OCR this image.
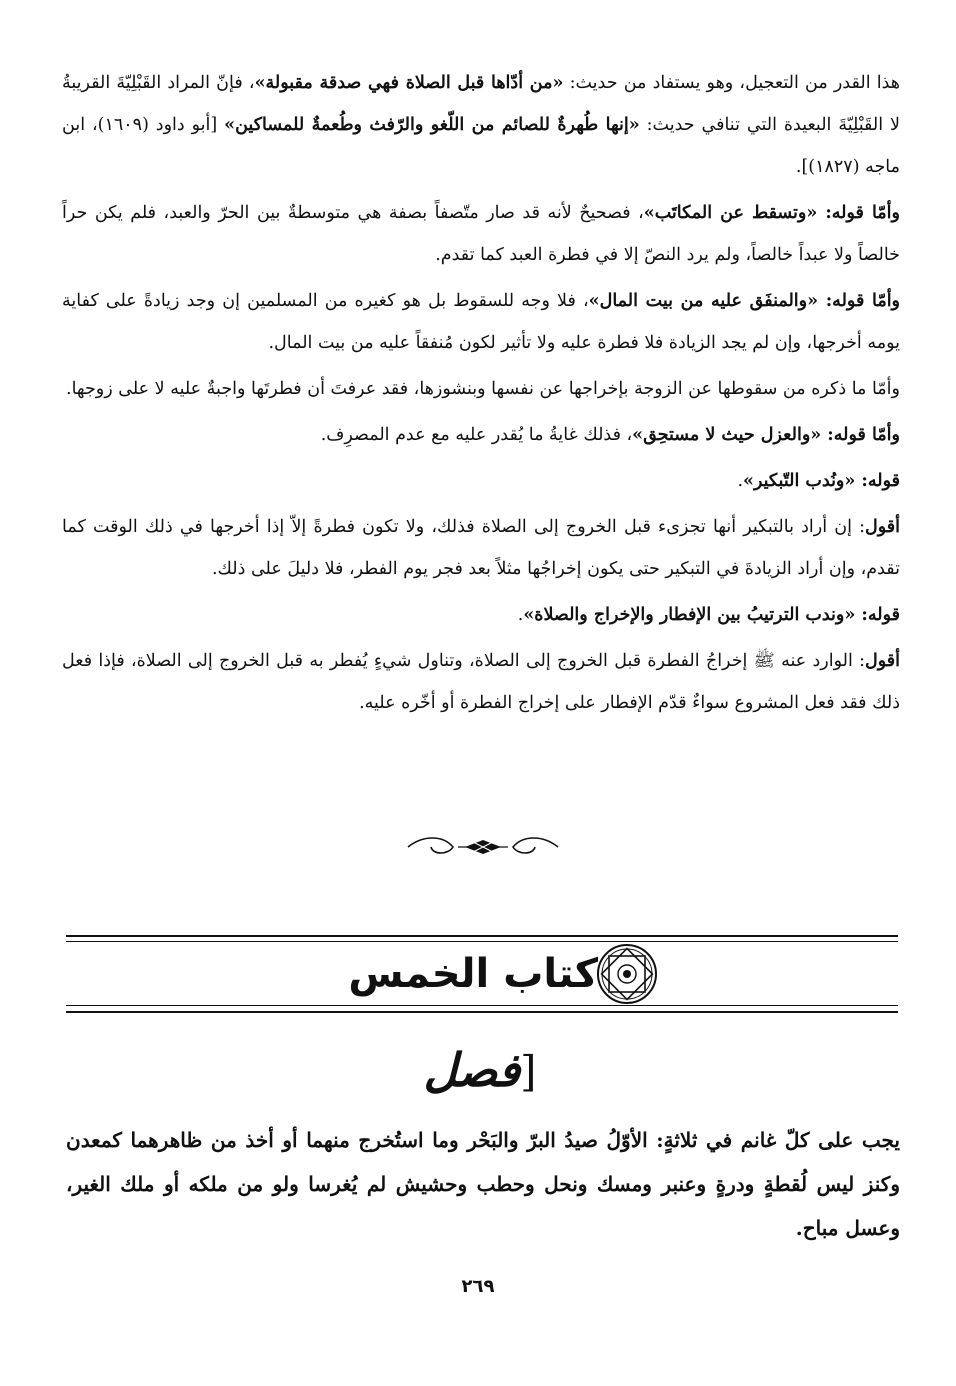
هذا القدر من التعجيل، وهو يستفاد من حديث: «من أدّاها قبل الصلاة فهي صدقة مقبولة»، فإنّ المراد القَبْلِيّةَ القريبةُ لا القَبْلِيّةَ البعيدة التي تنافي حديث: «إنها طُهرةٌ للصائم من اللّغو والرّفث وطُعمةٌ للمساكين» [أبو داود (١٦٠٩)، ابن ماجه (١٨٢٧)].

وأمّا قوله: «وتسقط عن المكاتَب»، فصحيحٌ لأنه قد صار متّصفاً بصفة هي متوسطةٌ بين الحرّ والعبد، فلم يكن حراً خالصاً ولا عبداً خالصاً، ولم يرد النصّ إلا في فطرة العبد كما تقدم.

وأمّا قوله: «والمنفَق عليه من بيت المال»، فلا وجه للسقوط بل هو كغيره من المسلمين إن وجد زيادةً على كفاية يومه أخرجها، وإن لم يجد الزيادة فلا فطرة عليه ولا تأثير لكون مُنفقاً عليه من بيت المال.

وأمّا ما ذكره من سقوطها عن الزوجة بإخراجها عن نفسها وبنشوزها، فقد عرفتَ أن فطرتَها واجبةٌ عليه لا على زوجها.

وأمّا قوله: «والعزل حيث لا مستحِق»، فذلك غايةُ ما يُقدر عليه مع عدم المصرِف.

قوله: «ونُدب التّبكير».

أقول: إن أراد بالتبكير أنها تجزىء قبل الخروج إلى الصلاة فذلك، ولا تكون فطرةً إلاّ إذا أخرجها في ذلك الوقت كما تقدم، وإن أراد الزيادةَ في التبكير حتى يكون إخراجُها مثلاً بعد فجر يوم الفطر، فلا دليلَ على ذلك.

قوله: «وندب الترتيبُ بين الإفطار والإخراج والصلاة».

أقول: الوارد عنه ﷺ إخراجُ الفطرة قبل الخروج إلى الصلاة، وتناول شيءٍ يُفطر به قبل الخروج إلى الصلاة، فإذا فعل ذلك فقد فعل المشروع سواءٌ قدّم الإفطار على إخراج الفطرة أو أخّره عليه.

كتاب الخمس
[فصل
يجب على كلّ غانم في ثلاثةٍ: الأوّلُ صيدُ البرّ والبَحْر وما استُخرج منهما أو أخذ من ظاهرهما كمعدن وكنز ليس لُقطةٍ ودرةٍ وعنبر ومسك ونحل وحطب وحشيش لم يُغرسا ولو من ملكه أو ملك الغير، وعسل مباح.
٢٦٩
